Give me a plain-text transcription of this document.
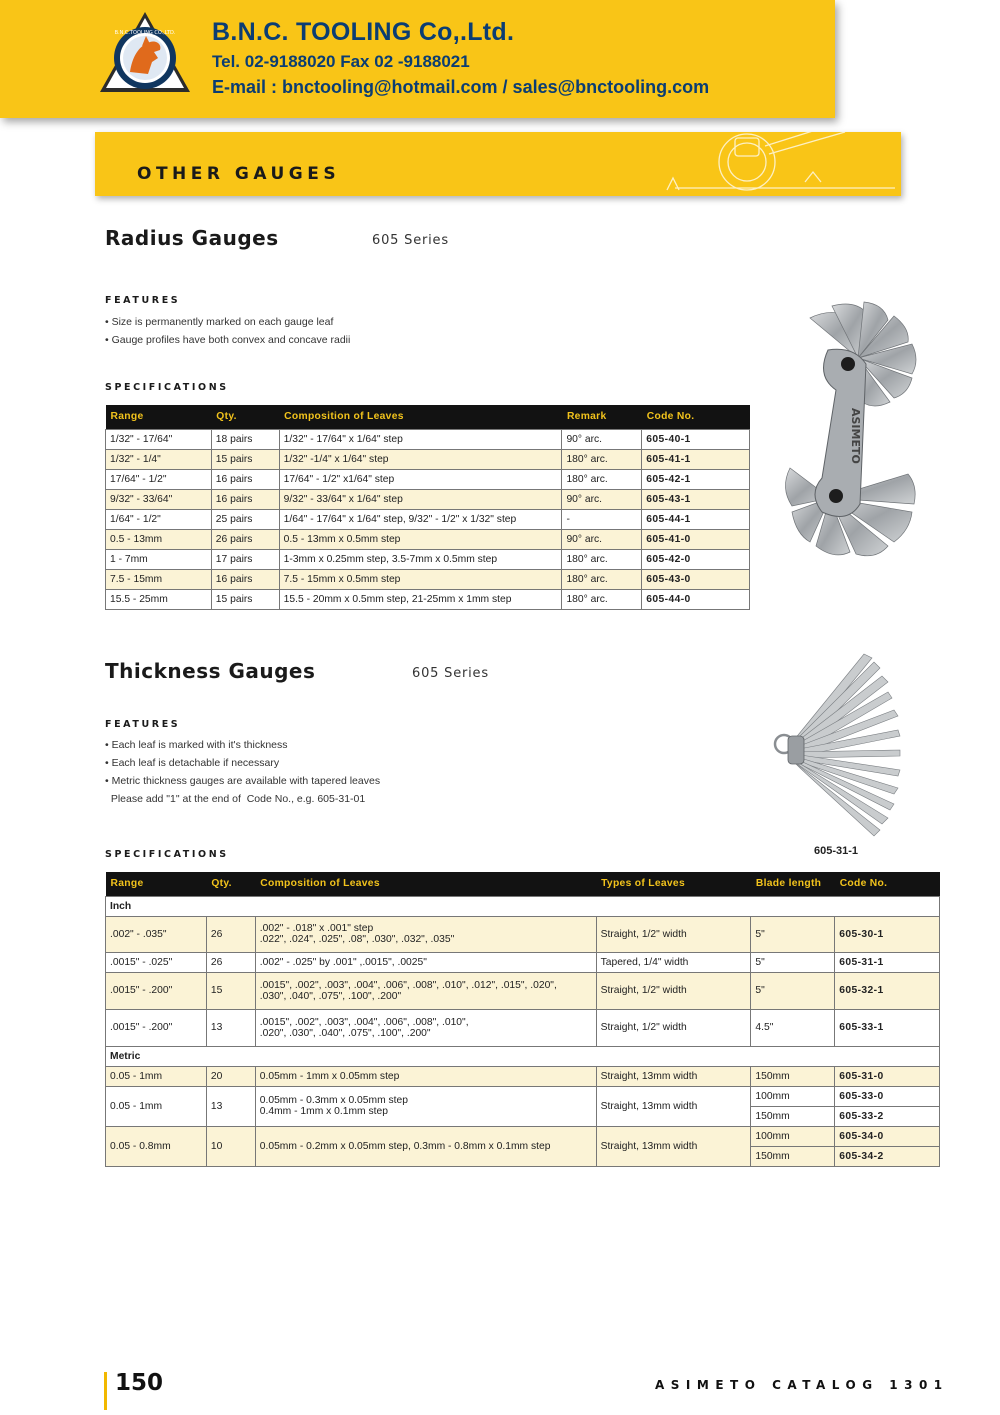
B.N.C.TOOLING CO.,LTD. B.N.C. TOOLING Co,.Ltd.
Tel. 02-9188020 Fax 02 -9188021
E-mail : bnctooling@hotmail.com / sales@bnctooling.com
OTHER GAUGES
Radius Gauges	605 Series
FEATURES
• Size is permanently marked on each gauge leaf
• Gauge profiles have both convex and concave radii
SPECIFICATIONS
Range	Qty.	Composition of Leaves	Remark	Code No.
1/32" - 17/64"	18 pairs	1/32" - 17/64" x 1/64" step	90° arc.	605-40-1
1/32" - 1/4"	15 pairs	1/32" -1/4" x 1/64" step	180° arc.	605-41-1
17/64" - 1/2"	16 pairs	17/64" - 1/2" x1/64" step	180° arc.	605-42-1
9/32" - 33/64"	16 pairs	9/32" - 33/64" x 1/64" step	90° arc.	605-43-1
1/64" - 1/2"	25 pairs	1/64" - 17/64" x 1/64" step, 9/32" - 1/2" x 1/32" step	-	605-44-1
0.5 - 13mm	26 pairs	0.5 - 13mm x 0.5mm step	90° arc.	605-41-0
1 - 7mm	17 pairs	1-3mm x 0.25mm step, 3.5-7mm x 0.5mm step	180° arc.	605-42-0
7.5 - 15mm	16 pairs	7.5 - 15mm x 0.5mm step	180° arc.	605-43-0
15.5 - 25mm	15 pairs	15.5 - 20mm x 0.5mm step, 21-25mm x 1mm step	180° arc.	605-44-0
ASIMETO
Thickness Gauges	605 Series
FEATURES
• Each leaf is marked with it's thickness
• Each leaf is detachable if necessary
• Metric thickness gauges are available with tapered leaves
Please add "1" at the end of  Code No., e.g. 605-31-01
SPECIFICATIONS	605-31-1
Range	Qty.	Composition of Leaves	Types of Leaves	Blade length	Code No.
Inch					
.002" - .035"	26	.002" - .018" x .001" step
.022", .024", .025", .08", .030", .032", .035"	Straight, 1/2" width	5"	605-30-1
.0015" - .025"	26	.002" - .025" by .001" ,.0015", .0025"	Tapered, 1/4" width	5"	605-31-1
.0015" - .200"	15	.0015", .002", .003", .004", .006", .008", .010", .012", .015", .020",
.030", .040", .075", .100", .200"	Straight, 1/2" width	5"	605-32-1
.0015" - .200"	13	.0015", .002", .003", .004", .006", .008", .010",
.020", .030", .040", .075", .100", .200"	Straight, 1/2" width	4.5"	605-33-1
Metric					
0.05 - 1mm	20	0.05mm - 1mm x 0.05mm step	Straight, 13mm width	150mm	605-31-0
0.05 - 1mm	13	0.05mm - 0.3mm x 0.05mm step
0.4mm - 1mm x 0.1mm step	Straight, 13mm width	100mm	605-33-0
				150mm	605-33-2
0.05 - 0.8mm	10	0.05mm - 0.2mm x 0.05mm step, 0.3mm - 0.8mm x 0.1mm step	Straight, 13mm width	100mm	605-34-0
				150mm	605-34-2
150	ASIMETO CATALOG 1301
